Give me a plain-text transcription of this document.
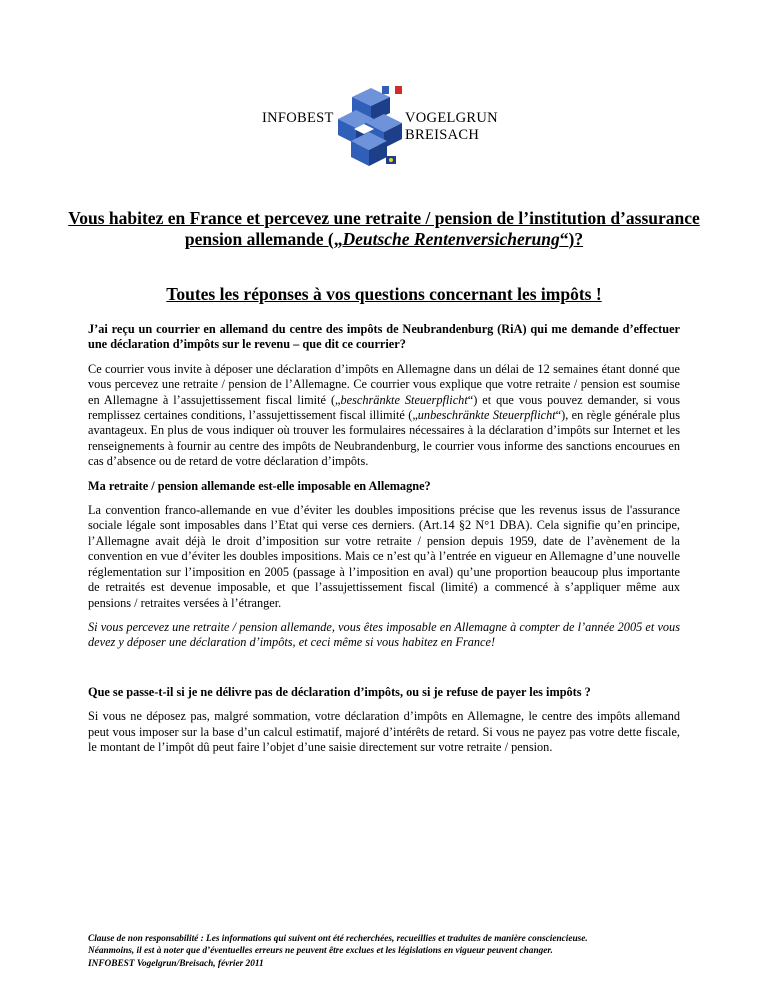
INFOBEST	VOGELGRUN
BREISACH
Vous habitez en France et percevez une retraite / pension de l’institution d’assurance pension allemande („Deutsche Rentenversicherung“)?
Toutes les réponses à vos questions concernant les impôts !

J’ai reçu un courrier en allemand du centre des impôts de Neubrandenburg (RiA) qui me demande d’effectuer une déclaration d’impôts sur le revenu – que dit ce courrier?

Ce courrier vous invite à déposer une déclaration d’impôts en Allemagne dans un délai de 12 semaines étant donné que vous percevez une retraite / pension de l’Allemagne. Ce courrier vous explique que votre retraite / pension est soumise en Allemagne à l’assujettissement fiscal limité („beschränkte Steuerpflicht“) et que vous pouvez demander, si vous remplissez certaines conditions, l’assujettissement fiscal illimité („unbeschränkte Steuerpflicht“), en règle générale plus avantageux. En plus de vous indiquer où trouver les formulaires nécessaires à la déclaration d’impôts sur Internet et les renseignements à fournir au centre des impôts de Neubrandenburg, le courrier vous informe des sanctions encourues en cas d’absence ou de retard de votre déclaration d’impôts.

Ma retraite / pension allemande est-elle imposable en Allemagne?

La convention franco-allemande en vue d’éviter les doubles impositions précise que les revenus issus de l'assurance sociale légale sont imposables dans l’Etat qui verse ces derniers. (Art.14 §2 N°1 DBA). Cela signifie qu’en principe, l’Allemagne avait déjà le droit d’imposition sur votre retraite / pension depuis 1959, date de l’avènement de la convention en vue d’éviter les doubles impositions. Mais ce n’est qu’à l’entrée en vigueur en Allemagne d’une nouvelle réglementation sur l’imposition en 2005 (passage à l’imposition en aval) qu’une proportion beaucoup plus importante de retraités est devenue imposable, et que l’assujettissement fiscal (limité) a commencé à s’appliquer même aux pensions / retraites versées à l’étranger.

Si vous percevez une retraite / pension allemande, vous êtes imposable en Allemagne à compter de l’année 2005 et vous devez y déposer une déclaration d’impôts, et ceci même si vous habitez en France!

Que se passe-t-il si je ne délivre pas de déclaration d’impôts, ou si je refuse de payer les impôts ?

Si vous ne déposez pas, malgré sommation, votre déclaration d’impôts en Allemagne, le centre des impôts allemand peut vous imposer sur la base d’un calcul estimatif, majoré d’intérêts de retard. Si vous ne payez pas votre dette fiscale, le montant de l’impôt dû peut faire l’objet d’une saisie directement sur votre retraite / pension.

Clause de non responsabilité : Les informations qui suivent ont été recherchées, recueillies et traduites de manière consciencieuse.
Néanmoins, il est à noter que d’éventuelles erreurs ne peuvent être exclues et les législations en vigueur peuvent changer.
INFOBEST Vogelgrun/Breisach, février 2011
